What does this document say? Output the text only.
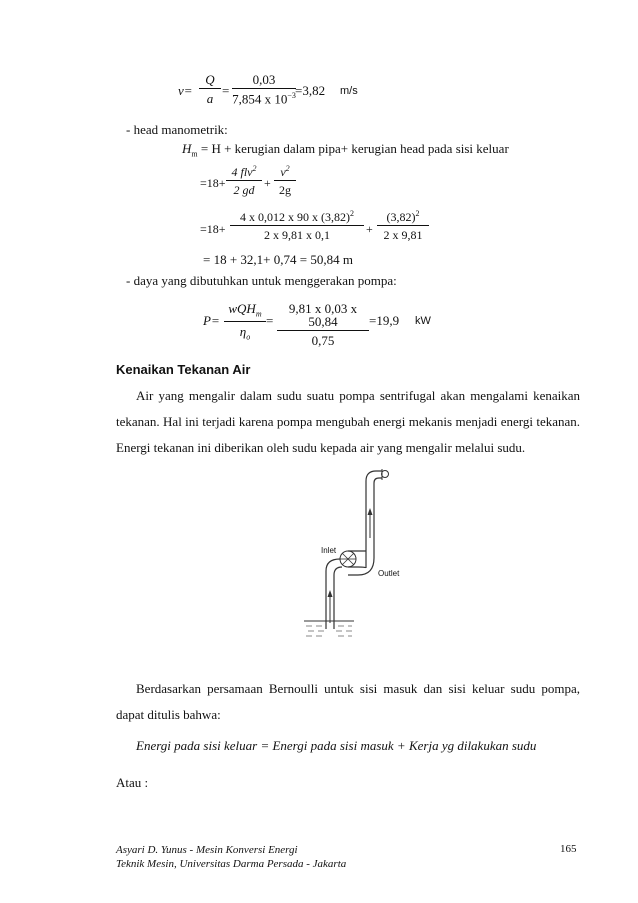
$v= \frac{Q}{a} = \frac{0,03}{7,854 x 10^{-3}} =3,82$ m/s
- head manometrik:
$H_m = H$ + kerugian dalam pipa+ kerugian head pada sisi keluar
=18+
4 flv$^2$
2 gd + $\frac{v^2}{2g}$
$=18+ \frac{4 x 0,012 x 90 x (3,82)^2}{2 x 9,81 x 0,1} + \frac{(3,82)^2}{2 x 9,81}$
= 18 + 32,1+ 0,74 = 50,84 m
- daya yang dibutuhkan untuk menggerakan pompa:
P=
wQH$_m$
$\eta_o$
= $\frac{9,81 x 0,03 x 50,84}{0,75} =19,9$ kW
Kenaikan Tekanan Air
Air yang mengalir dalam sudu suatu pompa sentrifugal akan mengalami kenaikan tekanan. Hal ini terjadi karena pompa mengubah energi mekanis menjadi energi tekanan. Energi tekanan ini diberikan oleh sudu kepada air yang mengalir melalui sudu.
Inlet
Outlet
Berdasarkan persamaan Bernoulli untuk sisi masuk dan sisi keluar sudu pompa, dapat ditulis bahwa:
Energi pada sisi keluar = Energi pada sisi masuk + Kerja yg dilakukan sudu
Atau :
Asyari D. Yunus - Mesin Konversi Energi
Teknik Mesin, Universitas Darma Persada - Jakarta
165
